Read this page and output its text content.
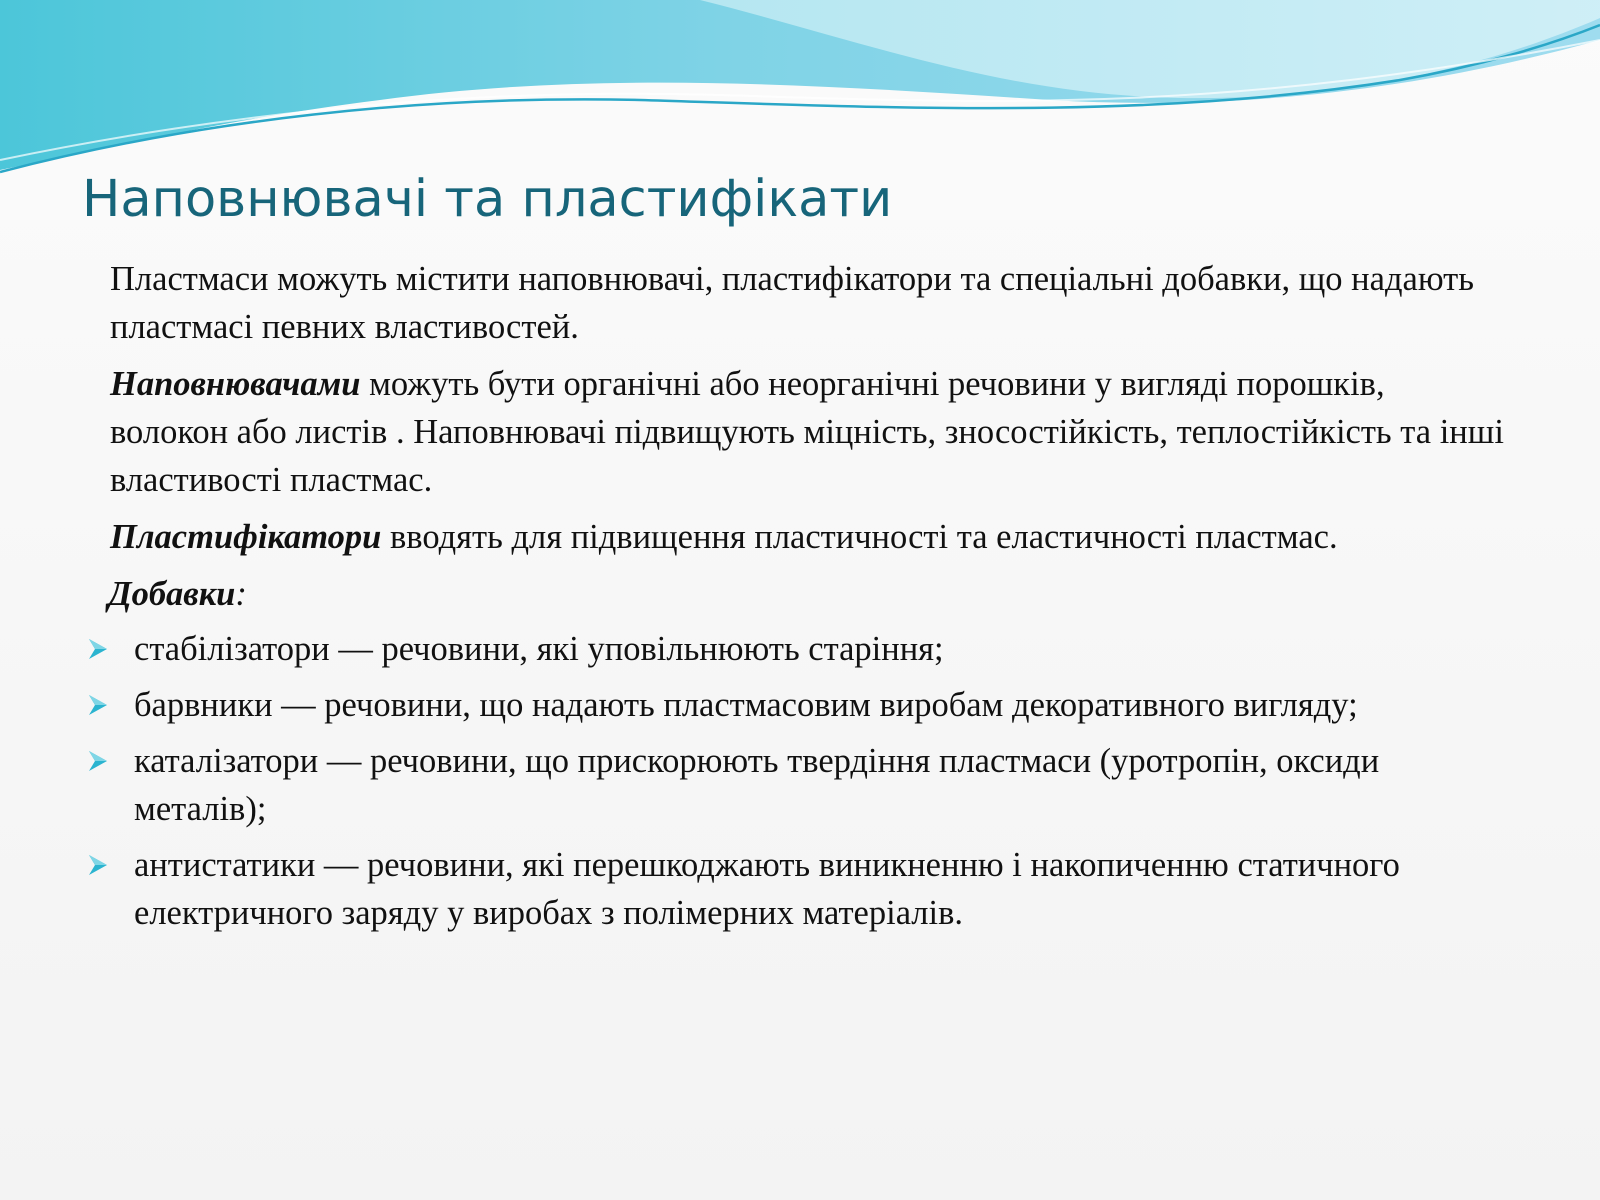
Наповнювачі та пластифікати

Пластмаси можуть містити наповнювачі, пластифікатори та спеціальні добавки, що надають пластмасі певних властивостей.

Наповнювачами можуть бути органічні або неорганічні речовини у вигляді порошків, волокон або листів . Наповнювачі підвищують міцність, зносостійкість, теплостійкість та інші властивості пластмас.

Пластифікатори вводять для підвищення пластичності та еластичності пластмас.

Добавки:

стабілізатори — речовини, які уповільнюють старіння;
барвники — речовини, що надають пластмасовим виробам декоративного вигляду;
каталізатори — речовини, що прискорюють твердіння пластмаси (уротропін, оксиди металів);
антистатики — речовини, які перешкоджають виникненню і накопиченню статичного електричного заряду у виробах з полімерних матеріалів.
